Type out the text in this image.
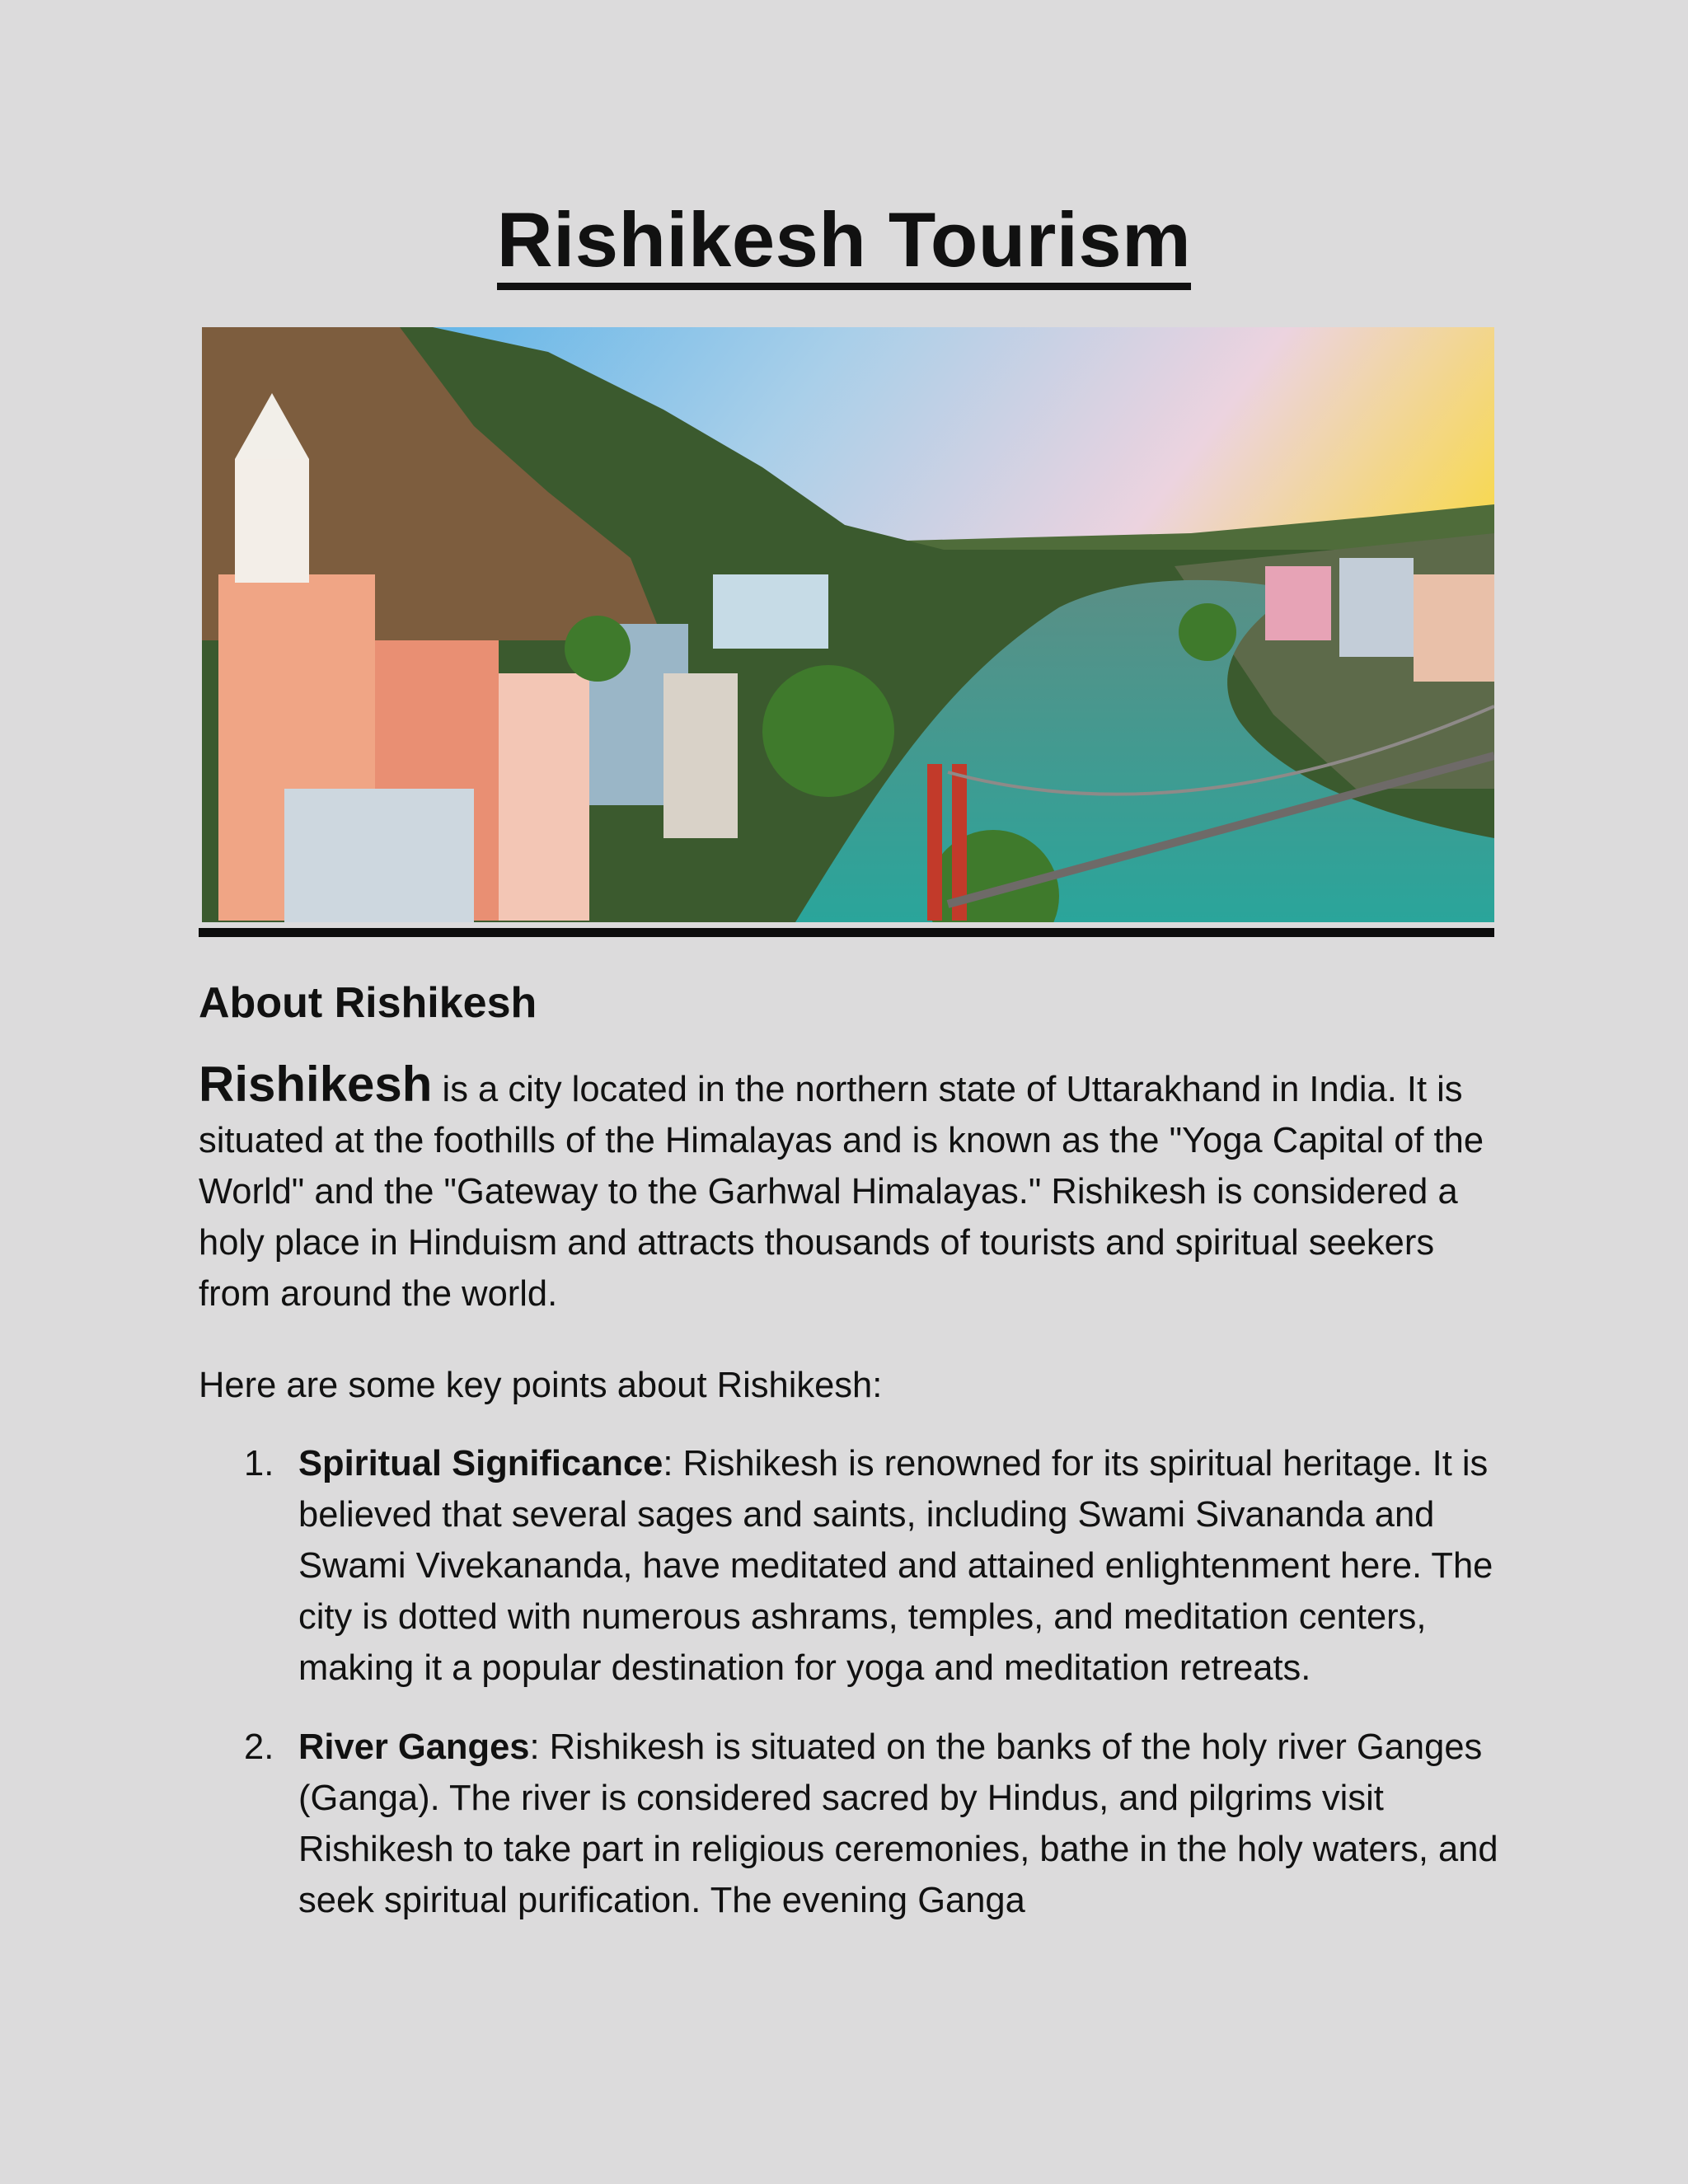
Rishikesh Tourism
About Rishikesh

Rishikesh is a city located in the northern state of Uttarakhand in India. It is situated at the foothills of the Himalayas and is known as the "Yoga Capital of the World" and the "Gateway to the Garhwal Himalayas." Rishikesh is considered a holy place in Hinduism and attracts thousands of tourists and spiritual seekers from around the world.

Here are some key points about Rishikesh:

1. Spiritual Significance: Rishikesh is renowned for its spiritual heritage. It is believed that several sages and saints, including Swami Sivananda and Swami Vivekananda, have meditated and attained enlightenment here. The city is dotted with numerous ashrams, temples, and meditation centers, making it a popular destination for yoga and meditation retreats.
2. River Ganges: Rishikesh is situated on the banks of the holy river Ganges (Ganga). The river is considered sacred by Hindus, and pilgrims visit Rishikesh to take part in religious ceremonies, bathe in the holy waters, and seek spiritual purification. The evening Ganga
